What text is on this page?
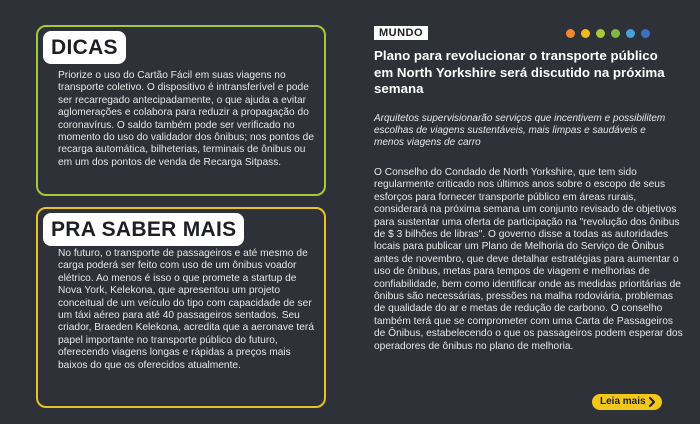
DICAS

Priorize o uso do Cartão Fácil em suas viagens no transporte coletivo. O dispositivo é intransferível e pode ser recarregado antecipadamente, o que ajuda a evitar aglomerações e colabora para reduzir a propagação do coronavírus. O saldo também pode ser verificado no momento do uso do validador dos ônibus; nos pontos de recarga automática, bilheterias, terminais de ônibus ou em um dos pontos de venda de Recarga Sitpass.

PRA SABER MAIS

No futuro, o transporte de passageiros e até mesmo de carga poderá ser feito com uso de um ônibus voador elétrico. Ao menos é isso o que promete a startup de Nova York, Kelekona, que apresentou um projeto conceitual de um veículo do tipo com capacidade de ser um táxi aéreo para até 40 passageiros sentados. Seu criador, Braeden Kelekona, acredita que a aeronave terá papel importante no transporte público do futuro, oferecendo viagens longas e rápidas a preços mais baixos do que os oferecidos atualmente.

MUNDO
Plano para revolucionar o transporte público em North Yorkshire será discutido na próxima semana

Arquitetos supervisionarão serviços que incentivem e possibilitem escolhas de viagens sustentáveis, mais limpas e saudáveis e menos viagens de carro

O Conselho do Condado de North Yorkshire, que tem sido regularmente criticado nos últimos anos sobre o escopo de seus esforços para fornecer transporte público em áreas rurais, considerará na próxima semana um conjunto revisado de objetivos para sustentar uma oferta de participação na "revolução dos ônibus de $ 3 bilhões de libras". O governo disse a todas as autoridades locais para publicar um Plano de Melhoria do Serviço de Ônibus antes de novembro, que deve detalhar estratégias para aumentar o uso de ônibus, metas para tempos de viagem e melhorias de confiabilidade, bem como identificar onde as medidas prioritárias de ônibus são necessárias, pressões na malha rodoviária, problemas de qualidade do ar e metas de redução de carbono. O conselho também terá que se comprometer com uma Carta de Passageiros de Ônibus, estabelecendo o que os passageiros podem esperar dos operadores de ônibus no plano de melhoria.

Leia mais
